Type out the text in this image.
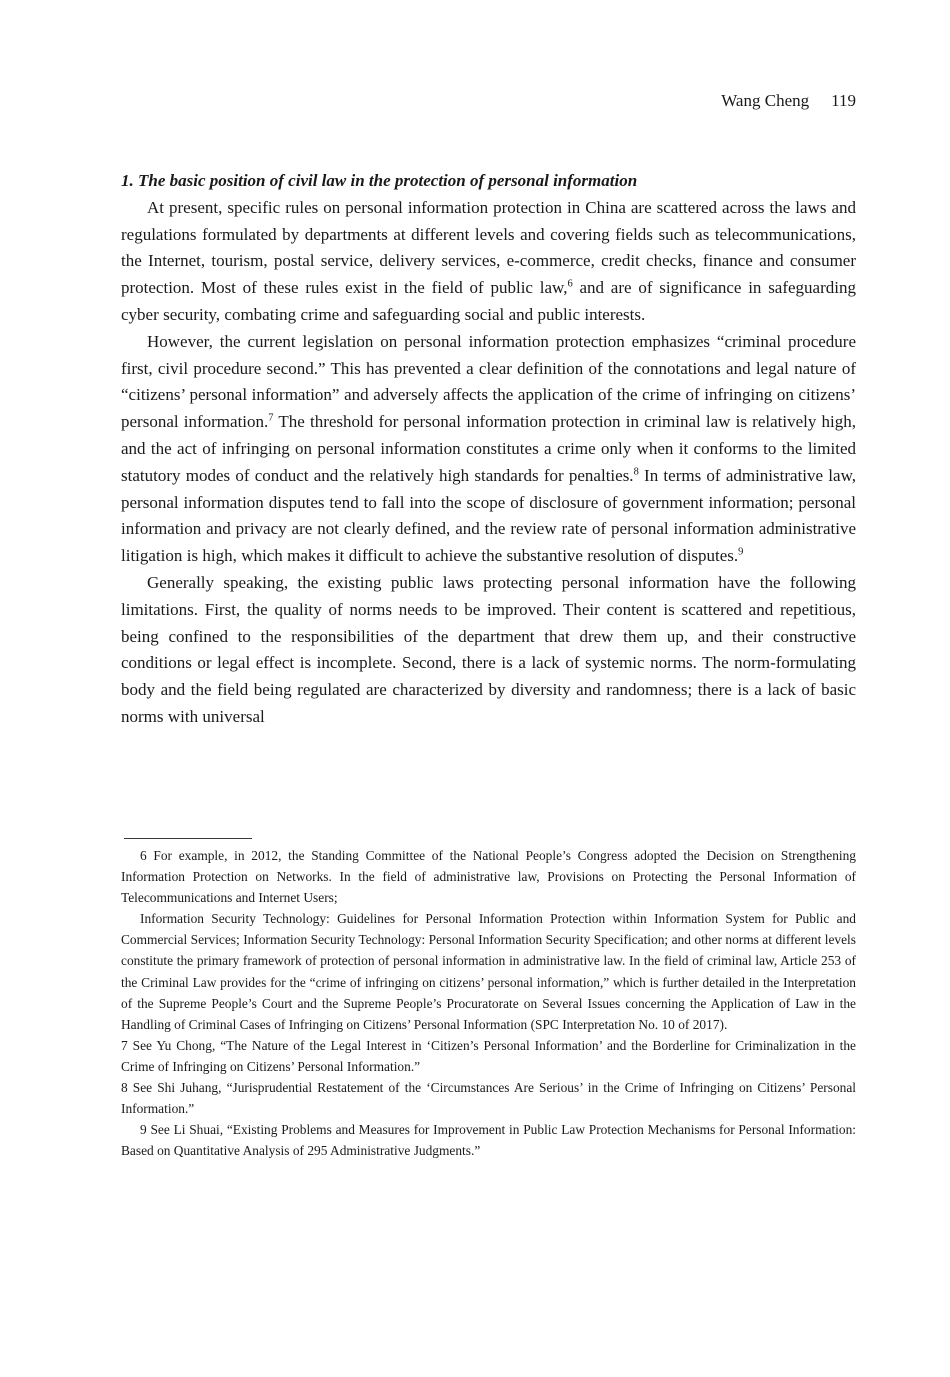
Wang Cheng 119

1. The basic position of civil law in the protection of personal information

At present, specific rules on personal information protection in China are scattered across the laws and regulations formulated by departments at different levels and covering fields such as telecommunications, the Internet, tourism, postal service, delivery services, e-commerce, credit checks, finance and consumer protection. Most of these rules exist in the field of public law,$^6$ and are of significance in safeguarding cyber security, combating crime and safeguarding social and public interests.

However, the current legislation on personal information protection emphasizes “criminal procedure first, civil procedure second.” This has prevented a clear definition of the connotations and legal nature of “citizens’ personal information” and adversely affects the application of the crime of infringing on citizens’ personal information.$^7$ The threshold for personal information protection in criminal law is relatively high, and the act of infringing on personal information constitutes a crime only when it conforms to the limited statutory modes of conduct and the relatively high standards for penalties.$^8$ In terms of administrative law, personal information disputes tend to fall into the scope of disclosure of government information; personal information and privacy are not clearly defined, and the review rate of personal information administrative litigation is high, which makes it difficult to achieve the substantive resolution of disputes.$^9$

Generally speaking, the existing public laws protecting personal information have the following limitations. First, the quality of norms needs to be improved. Their content is scattered and repetitious, being confined to the responsibilities of the department that drew them up, and their constructive conditions or legal effect is incomplete. Second, there is a lack of systemic norms. The norm-formulating body and the field being regulated are characterized by diversity and randomness; there is a lack of basic norms with universal

6 For example, in 2012, the Standing Committee of the National People’s Congress adopted the Decision on Strengthening Information Protection on Networks. In the field of administrative law, Provisions on Protecting the Personal Information of Telecommunications and Internet Users;

Information Security Technology: Guidelines for Personal Information Protection within Information System for Public and Commercial Services; Information Security Technology: Personal Information Security Specification; and other norms at different levels constitute the primary framework of protection of personal information in administrative law. In the field of criminal law, Article 253 of the Criminal Law provides for the “crime of infringing on citizens’ personal information,” which is further detailed in the Interpretation of the Supreme People’s Court and the Supreme People’s Procuratorate on Several Issues concerning the Application of Law in the Handling of Criminal Cases of Infringing on Citizens’ Personal Information (SPC Interpretation No. 10 of 2017).

7 See Yu Chong, “The Nature of the Legal Interest in ‘Citizen’s Personal Information’ and the Borderline for Criminalization in the Crime of Infringing on Citizens’ Personal Information.”

8 See Shi Juhang, “Jurisprudential Restatement of the ‘Circumstances Are Serious’ in the Crime of Infringing on Citizens’ Personal Information.”

9 See Li Shuai, “Existing Problems and Measures for Improvement in Public Law Protection Mechanisms for Personal Information: Based on Quantitative Analysis of 295 Administrative Judgments.”
